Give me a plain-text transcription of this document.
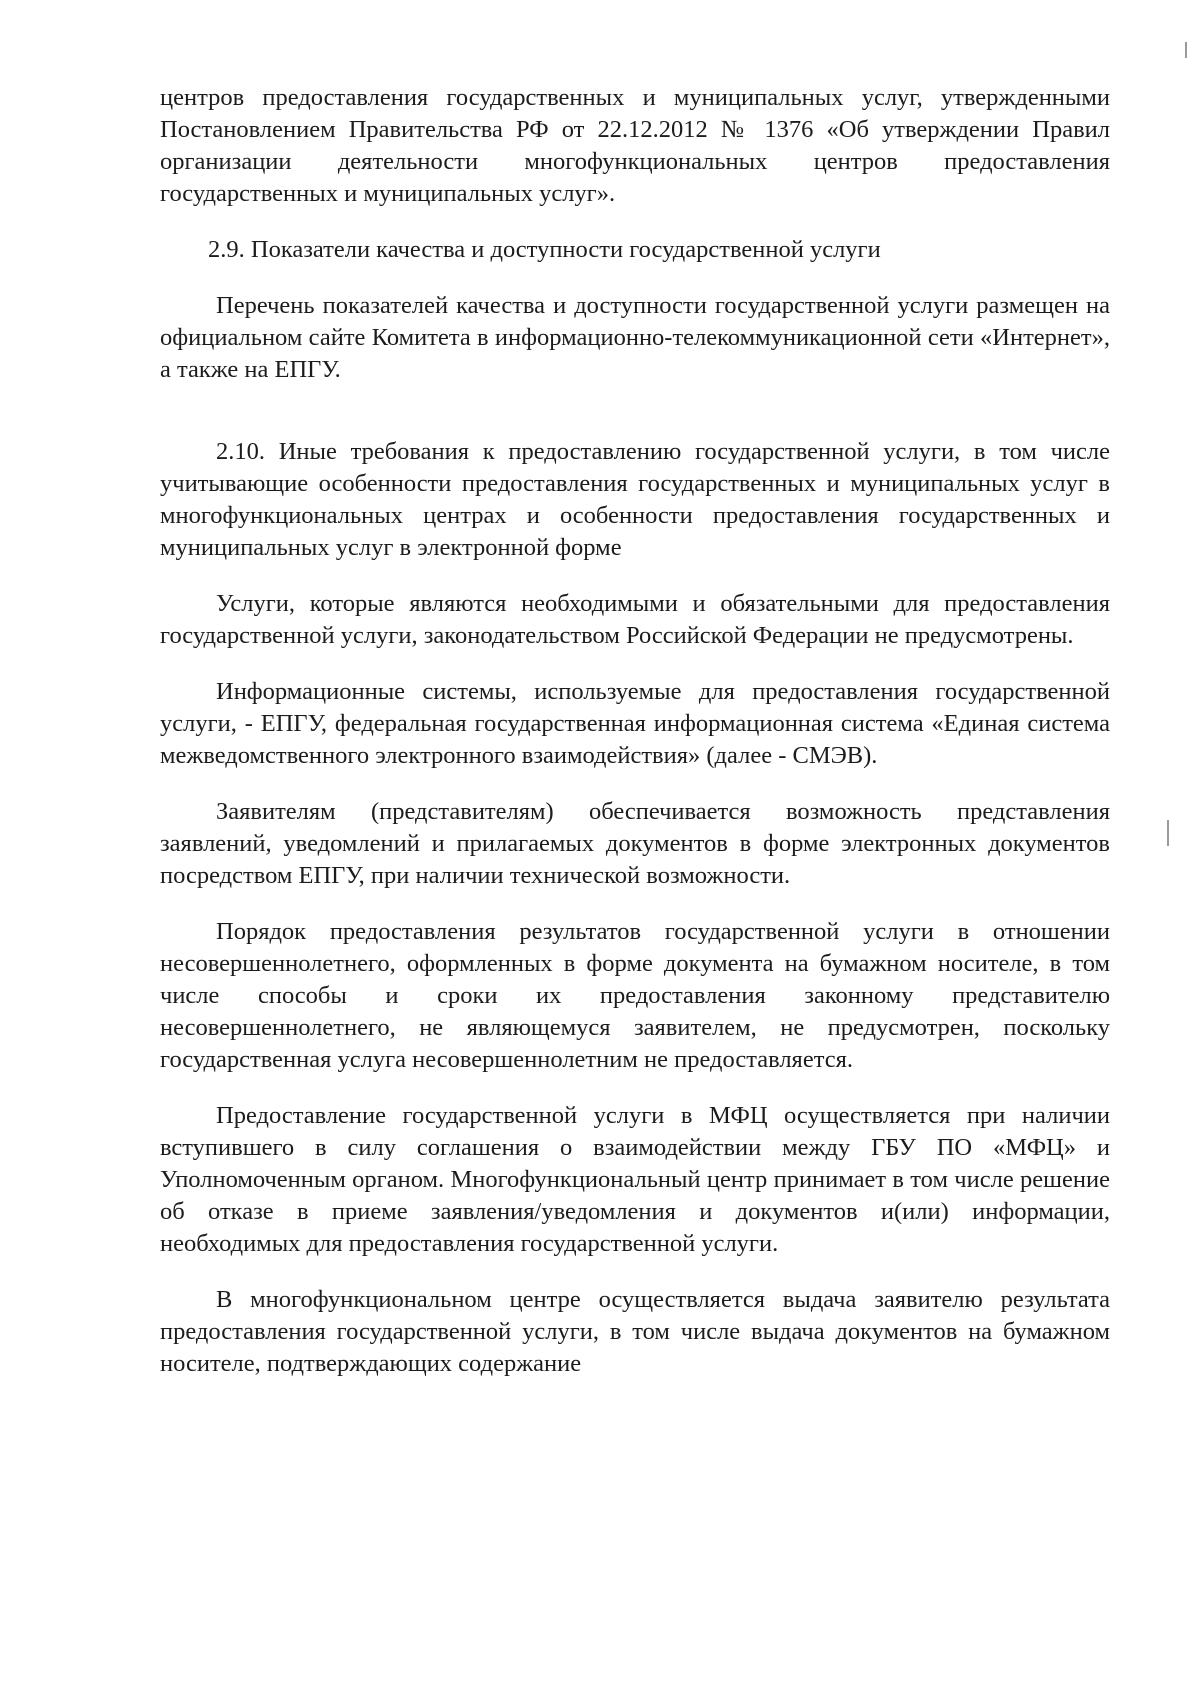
центров предоставления государственных и муниципальных услуг, утвержденными Постановлением Правительства РФ от 22.12.2012 № 1376 «Об утверждении Правил организации деятельности многофункциональных центров предоставления государственных и муниципальных услуг».

2.9. Показатели качества и доступности государственной услуги

Перечень показателей качества и доступности государственной услуги размещен на официальном сайте Комитета в информационно-телекоммуникационной сети «Интернет», а также на ЕПГУ.

2.10. Иные требования к предоставлению государственной услуги, в том числе учитывающие особенности предоставления государственных и муниципальных услуг в многофункциональных центрах и особенности предоставления государственных и муниципальных услуг в электронной форме

Услуги, которые являются необходимыми и обязательными для предоставления государственной услуги, законодательством Российской Федерации не предусмотрены.

Информационные системы, используемые для предоставления государственной услуги, - ЕПГУ, федеральная государственная информационная система «Единая система межведомственного электронного взаимодействия» (далее - СМЭВ).

Заявителям (представителям) обеспечивается возможность представления заявлений, уведомлений и прилагаемых документов в форме электронных документов посредством ЕПГУ, при наличии технической возможности.

Порядок предоставления результатов государственной услуги в отношении несовершеннолетнего, оформленных в форме документа на бумажном носителе, в том числе способы и сроки их предоставления законному представителю несовершеннолетнего, не являющемуся заявителем, не предусмотрен, поскольку государственная услуга несовершеннолетним не предоставляется.

Предоставление государственной услуги в МФЦ осуществляется при наличии вступившего в силу соглашения о взаимодействии между ГБУ ПО «МФЦ» и Уполномоченным органом. Многофункциональный центр принимает в том числе решение об отказе в приеме заявления/уведомления и документов и(или) информации, необходимых для предоставления государственной услуги.

В многофункциональном центре осуществляется выдача заявителю результата предоставления государственной услуги, в том числе выдача документов на бумажном носителе, подтверждающих содержание
